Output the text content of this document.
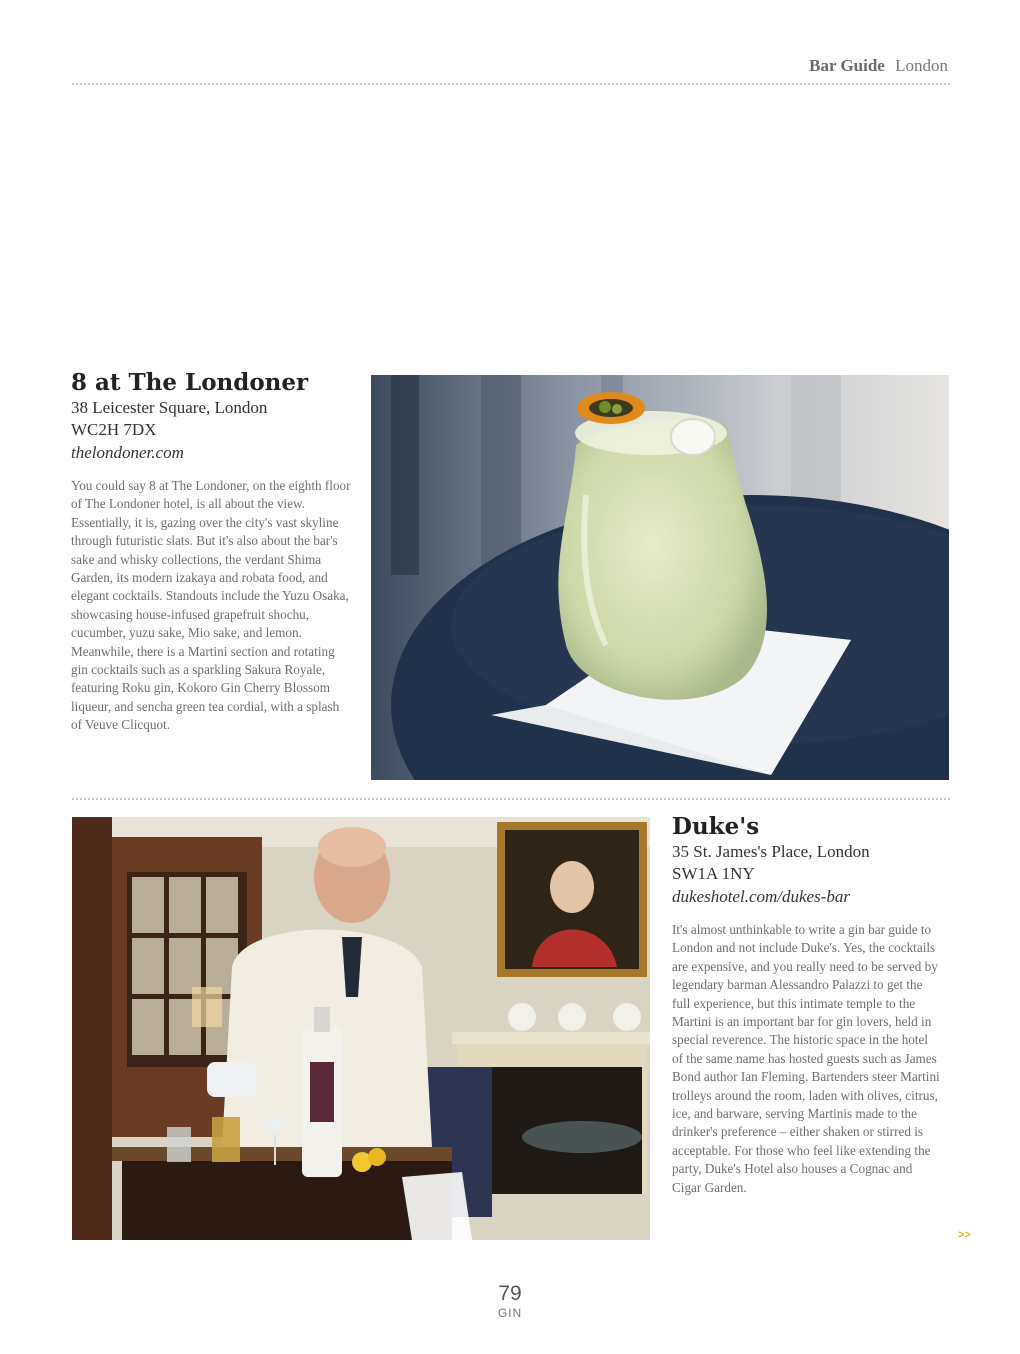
Bar Guide London
8 at The Londoner
38 Leicester Square, London
WC2H 7DX
thelondoner.com
You could say 8 at The Londoner, on the eighth floor of The Londoner hotel, is all about the view. Essentially, it is, gazing over the city's vast skyline through futuristic slats. But it's also about the bar's sake and whisky collections, the verdant Shima Garden, its modern izakaya and robata food, and elegant cocktails. Standouts include the Yuzu Osaka, showcasing house-infused grapefruit shochu, cucumber, yuzu sake, Mio sake, and lemon. Meanwhile, there is a Martini section and rotating gin cocktails such as a sparkling Sakura Royale, featuring Roku gin, Kokoro Gin Cherry Blossom liqueur, and sencha green tea cordial, with a splash of Veuve Clicquot.
Duke's
35 St. James's Place, London
SW1A 1NY
dukeshotel.com/dukes-bar
It's almost unthinkable to write a gin bar guide to London and not include Duke's. Yes, the cocktails are expensive, and you really need to be served by legendary barman Alessandro Palazzi to get the full experience, but this intimate temple to the Martini is an important bar for gin lovers, held in special reverence. The historic space in the hotel of the same name has hosted guests such as James Bond author Ian Fleming. Bartenders steer Martini trolleys around the room, laden with olives, citrus, ice, and barware, serving Martinis made to the drinker's preference – either shaken or stirred is acceptable. For those who feel like extending the party, Duke's Hotel also houses a Cognac and Cigar Garden.
>>
79
GIN
